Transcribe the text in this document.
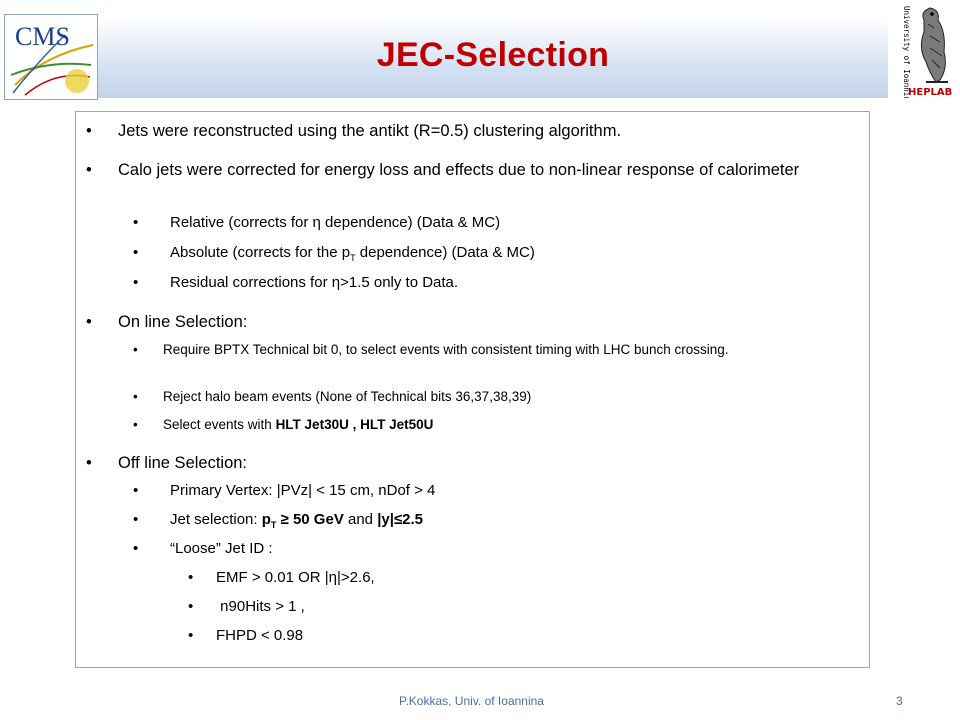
JEC-Selection
CMS	University of Ioannina
HEPLAB
• Jets were reconstructed using the antikt (R=0.5) clustering algorithm.
• Calo jets were corrected for energy loss and effects due to non-linear response of calorimeter
• Relative (corrects for η dependence) (Data & MC)
• Absolute (corrects for the $p_T$ dependence) (Data & MC)
• Residual corrections for η>1.5 only to Data.
• On line Selection:
• Require BPTX Technical bit 0, to select events with consistent timing with LHC bunch crossing.
• Reject halo beam events (None of Technical bits 36,37,38,39)
• Select events with HLT Jet30U , HLT Jet50U
• Off line Selection:
• Primary Vertex: |PVz| < 15 cm, nDof > 4
• Jet selection: $p_T \ge 50$ GeV and |y|≤2.5
• “Loose” Jet ID :
• EMF > 0.01 OR |η|>2.6,
• n90Hits > 1 ,
• FHPD < 0.98
P.Kokkas, Univ. of Ioannina	3
